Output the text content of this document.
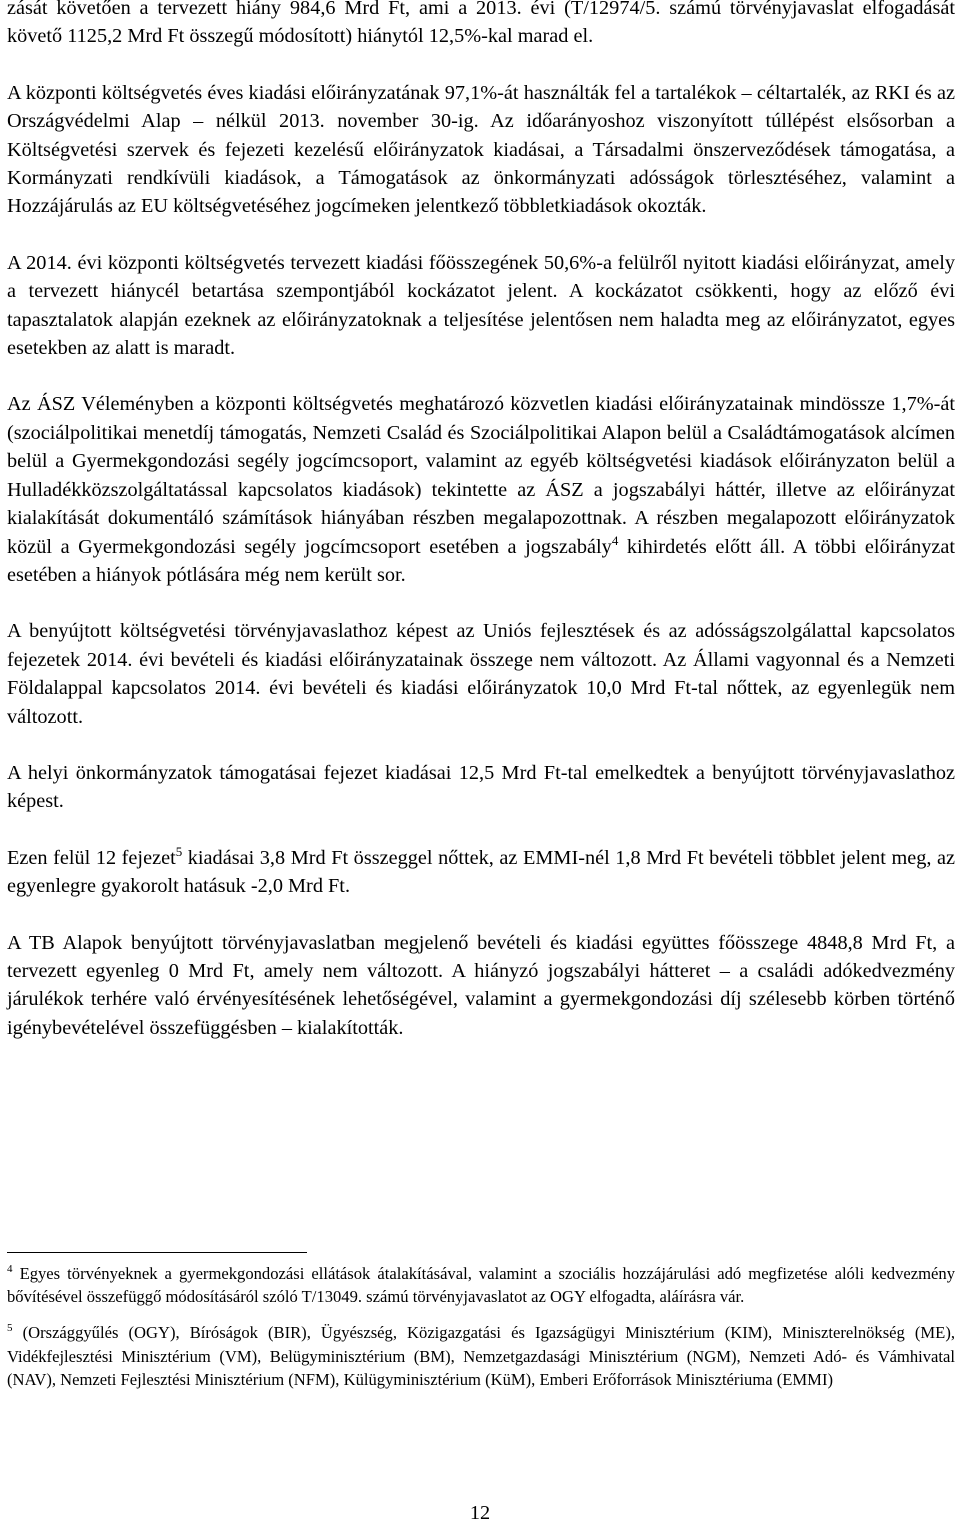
zását követően a tervezett hiány 984,6 Mrd Ft, ami a 2013. évi (T/12974/5. számú törvényjavaslat elfogadását követő 1125,2 Mrd Ft összegű módosított) hiánytól 12,5%-kal marad el.

A központi költségvetés éves kiadási előirányzatának 97,1%-át használták fel a tartalékok – céltartalék, az RKI és az Országvédelmi Alap – nélkül 2013. november 30-ig. Az időarányoshoz viszonyított túllépést elsősorban a Költségvetési szervek és fejezeti kezelésű előirányzatok kiadásai, a Társadalmi önszerveződések támogatása, a Kormányzati rendkívüli kiadások, a Támogatások az önkormányzati adósságok törlesztéséhez, valamint a Hozzájárulás az EU költségvetéséhez jogcímeken jelentkező többletkiadások okozták.

A 2014. évi központi költségvetés tervezett kiadási főösszegének 50,6%-a felülről nyitott kiadási előirányzat, amely a tervezett hiánycél betartása szempontjából kockázatot jelent. A kockázatot csökkenti, hogy az előző évi tapasztalatok alapján ezeknek az előirányzatoknak a teljesítése jelentősen nem haladta meg az előirányzatot, egyes esetekben az alatt is maradt.

Az ÁSZ Véleményben a központi költségvetés meghatározó közvetlen kiadási előirányzatainak mindössze 1,7%-át (szociálpolitikai menetdíj támogatás, Nemzeti Család és Szociálpolitikai Alapon belül a Családtámogatások alcímen belül a Gyermekgondozási segély jogcímcsoport, valamint az egyéb költségvetési kiadások előirányzaton belül a Hulladékközszolgáltatással kapcsolatos kiadások) tekintette az ÁSZ a jogszabályi háttér, illetve az előirányzat kialakítását dokumentáló számítások hiányában részben megalapozottnak. A részben megalapozott előirányzatok közül a Gyermekgondozási segély jogcímcsoport esetében a jogszabály$^4$ kihirdetés előtt áll. A többi előirányzat esetében a hiányok pótlására még nem került sor.

A benyújtott költségvetési törvényjavaslathoz képest az Uniós fejlesztések és az adósságszolgálattal kapcsolatos fejezetek 2014. évi bevételi és kiadási előirányzatainak összege nem változott. Az Állami vagyonnal és a Nemzeti Földalappal kapcsolatos 2014. évi bevételi és kiadási előirányzatok 10,0 Mrd Ft-tal nőttek, az egyenlegük nem változott.

A helyi önkormányzatok támogatásai fejezet kiadásai 12,5 Mrd Ft-tal emelkedtek a benyújtott törvényjavaslathoz képest.

Ezen felül 12 fejezet$^5$ kiadásai 3,8 Mrd Ft összeggel nőttek, az EMMI-nél 1,8 Mrd Ft bevételi többlet jelent meg, az egyenlegre gyakorolt hatásuk -2,0 Mrd Ft.

A TB Alapok benyújtott törvényjavaslatban megjelenő bevételi és kiadási együttes főösszege 4848,8 Mrd Ft, a tervezett egyenleg 0 Mrd Ft, amely nem változott. A hiányzó jogszabályi hátteret – a családi adókedvezmény járulékok terhére való érvényesítésének lehetőségével, valamint a gyermekgondozási díj szélesebb körben történő igénybevételével összefüggésben – kialakították.

$^4$ Egyes törvényeknek a gyermekgondozási ellátások átalakításával, valamint a szociális hozzájárulási adó megfizetése alóli kedvezmény bővítésével összefüggő módosításáról szóló T/13049. számú törvényjavaslatot az OGY elfogadta, aláírásra vár.

$^5$ (Országgyűlés (OGY), Bíróságok (BIR), Ügyészség, Közigazgatási és Igazságügyi Minisztérium (KIM), Miniszterelnökség (ME), Vidékfejlesztési Minisztérium (VM), Belügyminisztérium (BM), Nemzetgazdasági Minisztérium (NGM), Nemzeti Adó- és Vámhivatal (NAV), Nemzeti Fejlesztési Minisztérium (NFM), Külügyminisztérium (KüM), Emberi Erőforrások Minisztériuma (EMMI)

12
